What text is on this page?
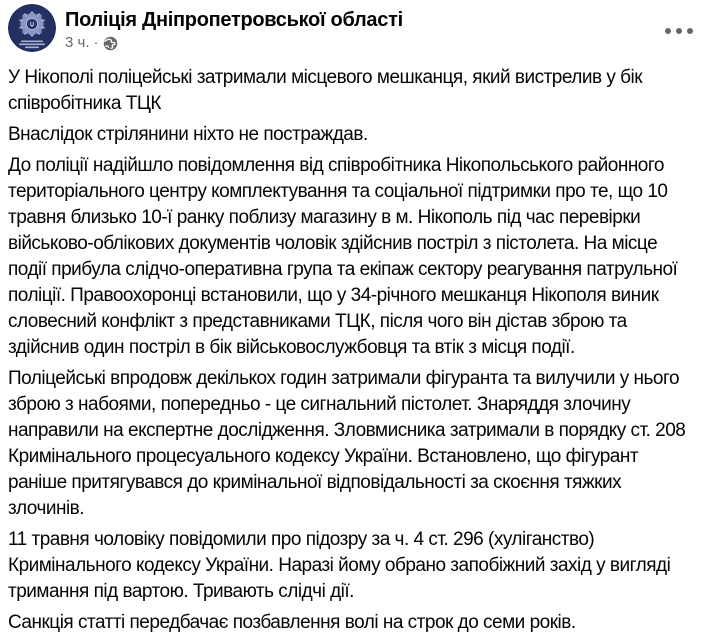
Поліція Дніпропетровської області
3 ч. ·

У Нікополі поліцейські затримали місцевого мешканця, який вистрелив у бік
співробітника ТЦК

Внаслідок стрілянини ніхто не постраждав.

До поліції надійшло повідомлення від співробітника Нікопольського районного
територіального центру комплектування та соціальної підтримки про те, що 10
травня близько 10-ї ранку поблизу магазину в м. Нікополь під час перевірки
військово-облікових документів чоловік здійснив постріл з пістолета. На місце
події прибула слідчо-оперативна група та екіпаж сектору реагування патрульної
поліції. Правоохоронці встановили, що у 34-річного мешканця Нікополя виник
словесний конфлікт з представниками ТЦК, після чого він дістав зброю та
здійснив один постріл в бік військовослужбовця та втік з місця події.

Поліцейські впродовж декількох годин затримали фігуранта та вилучили у нього
зброю з набоями, попередньо - це сигнальний пістолет. Знаряддя злочину
направили на експертне дослідження. Зловмисника затримали в порядку ст. 208
Кримінального процесуального кодексу України. Встановлено, що фігурант
раніше притягувався до кримінальної відповідальності за скоєння тяжких
злочинів.

11 травня чоловіку повідомили про підозру за ч. 4 ст. 296 (хуліганство)
Кримінального кодексу України. Наразі йому обрано запобіжний захід у вигляді
тримання під вартою. Тривають слідчі дії.

Санкція статті передбачає позбавлення волі на строк до семи років.
